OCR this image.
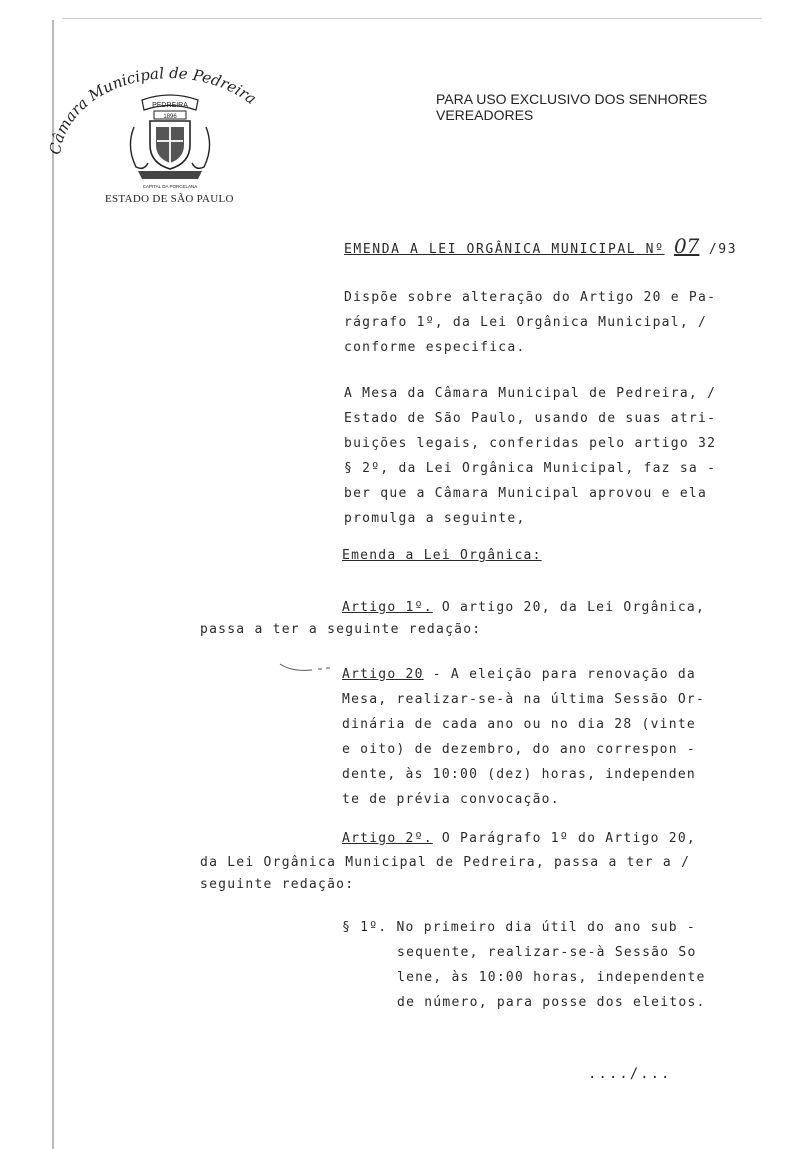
Câmara Municipal de Pedreira
PEDREIRA
1896
CAPITAL DA PORCELANA
ESTADO DE SÃO PAULO
PARA USO EXCLUSIVO DOS SENHORES VEREADORES
EMENDA A LEI ORGÂNICA MUNICIPAL Nº 07 /93
Dispõe sobre alteração do Artigo 20 e Pa-
rágrafo 1º, da Lei Orgânica Municipal, /
conforme especifica.
A Mesa da Câmara Municipal de Pedreira, /
Estado de São Paulo, usando de suas atri-
buições legais, conferidas pelo artigo 32
§ 2º, da Lei Orgânica Municipal, faz sa -
ber que a Câmara Municipal aprovou e ela
promulga a seguinte,
Emenda a Lei Orgânica:
Artigo 1º. O artigo 20, da Lei Orgânica,
passa a ter a seguinte redação:
Artigo 20 - A eleição para renovação da
Mesa, realizar-se-à na última Sessão Or-
dinária de cada ano ou no dia 28 (vinte
e oito) de dezembro, do ano correspon -
dente, às 10:00 (dez) horas, independen
te de prévia convocação.
Artigo 2º. O Parágrafo 1º do Artigo 20,
da Lei Orgânica Municipal de Pedreira, passa a ter a /
seguinte redação:
§ 1º. No primeiro dia útil do ano sub -
sequente, realizar-se-à Sessão So
lene, às 10:00 horas, independente
de número, para posse dos eleitos.
..../...
